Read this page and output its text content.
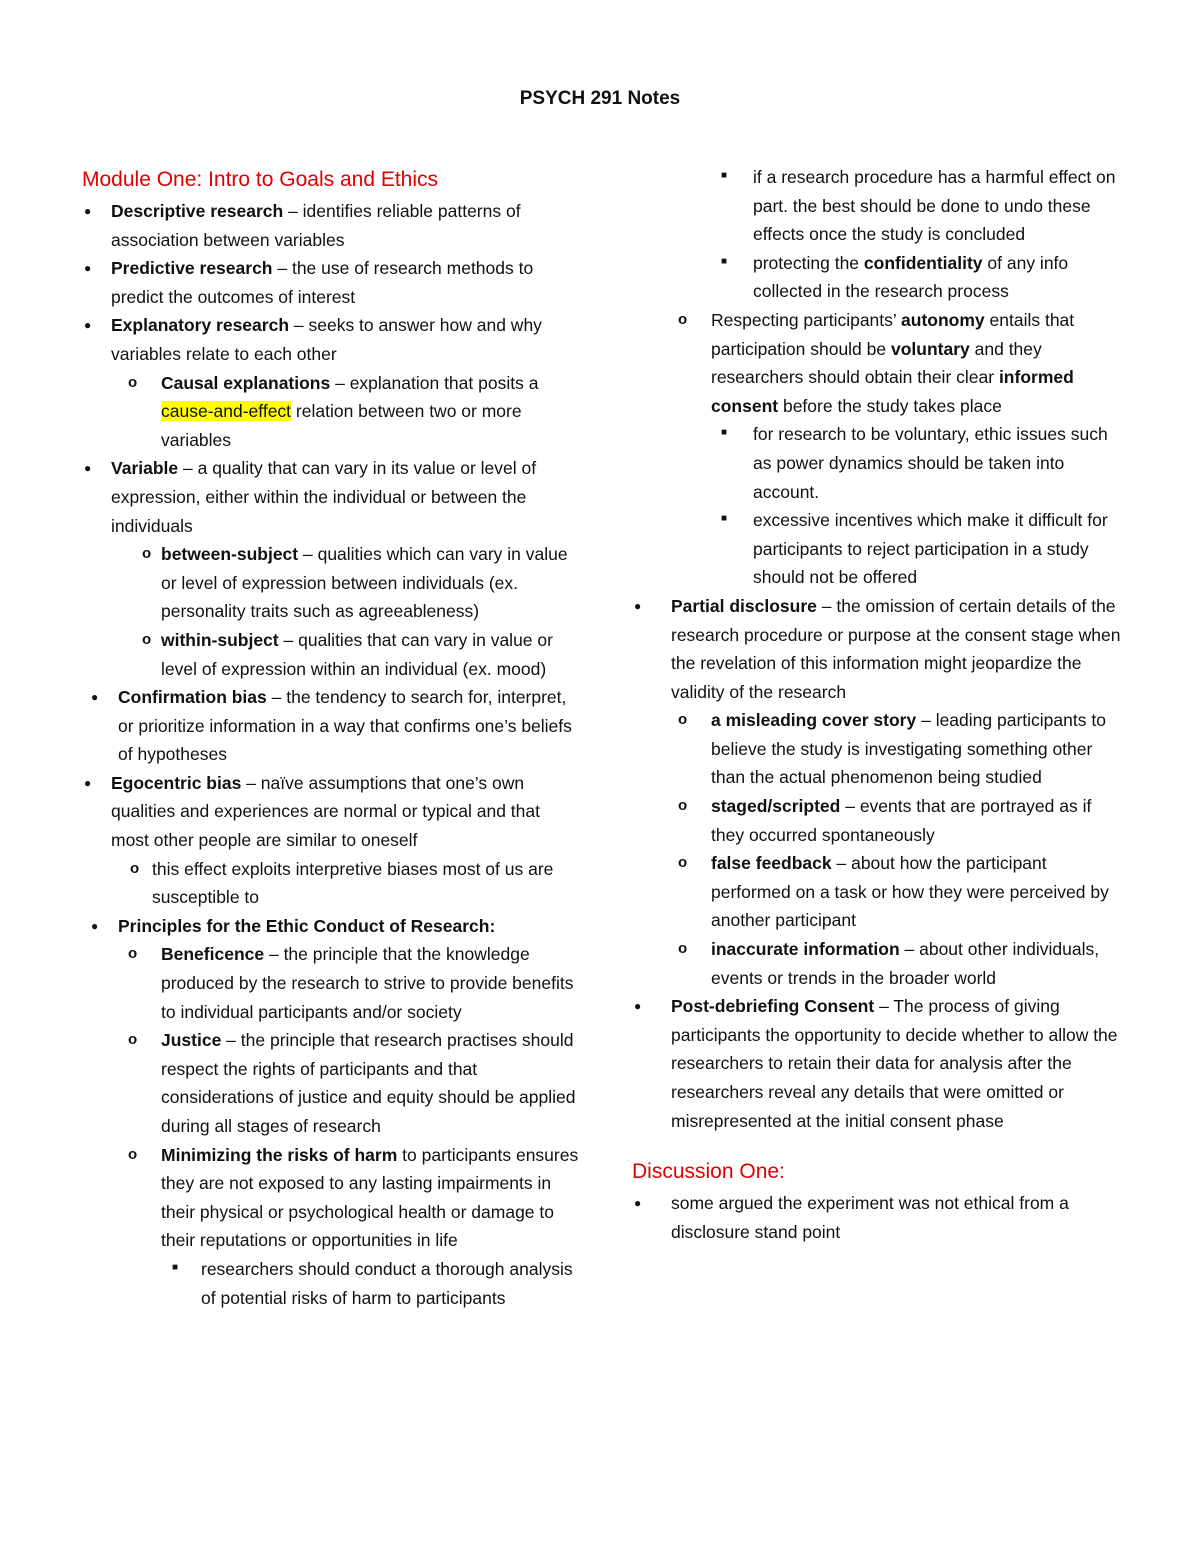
PSYCH 291 Notes
Module One: Intro to Goals and Ethics
● Descriptive research – identifies reliable patterns of association between variables
● Predictive research – the use of research methods to predict the outcomes of interest
● Explanatory research – seeks to answer how and why variables relate to each other
o Causal explanations – explanation that posits a cause-and-effect relation between two or more variables
● Variable – a quality that can vary in its value or level of expression, either within the individual or between the individuals
o between-subject – qualities which can vary in value or level of expression between individuals (ex. personality traits such as agreeableness)
o within-subject – qualities that can vary in value or level of expression within an individual (ex. mood)
● Confirmation bias – the tendency to search for, interpret, or prioritize information in a way that confirms one’s beliefs of hypotheses
● Egocentric bias – naïve assumptions that one’s own qualities and experiences are normal or typical and that most other people are similar to oneself
o this effect exploits interpretive biases most of us are susceptible to
● Principles for the Ethic Conduct of Research:
o Beneficence – the principle that the knowledge produced by the research to strive to provide benefits to individual participants and/or society
o Justice – the principle that research practises should respect the rights of participants and that considerations of justice and equity should be applied during all stages of research
o Minimizing the risks of harm to participants ensures they are not exposed to any lasting impairments in their physical or psychological health or damage to their reputations or opportunities in life
■ researchers should conduct a thorough analysis of potential risks of harm to participants
■ if a research procedure has a harmful effect on part. the best should be done to undo these effects once the study is concluded
■ protecting the confidentiality of any info collected in the research process
o Respecting participants’ autonomy entails that participation should be voluntary and they researchers should obtain their clear informed consent before the study takes place
■ for research to be voluntary, ethic issues such as power dynamics should be taken into account.
■ excessive incentives which make it difficult for participants to reject participation in a study should not be offered
● Partial disclosure – the omission of certain details of the research procedure or purpose at the consent stage when the revelation of this information might jeopardize the validity of the research
o a misleading cover story – leading participants to believe the study is investigating something other than the actual phenomenon being studied
o staged/scripted – events that are portrayed as if they occurred spontaneously
o false feedback – about how the participant performed on a task or how they were perceived by another participant
o inaccurate information – about other individuals, events or trends in the broader world
● Post-debriefing Consent – The process of giving participants the opportunity to decide whether to allow the researchers to retain their data for analysis after the researchers reveal any details that were omitted or misrepresented at the initial consent phase
Discussion One:
● some argued the experiment was not ethical from a disclosure stand point
